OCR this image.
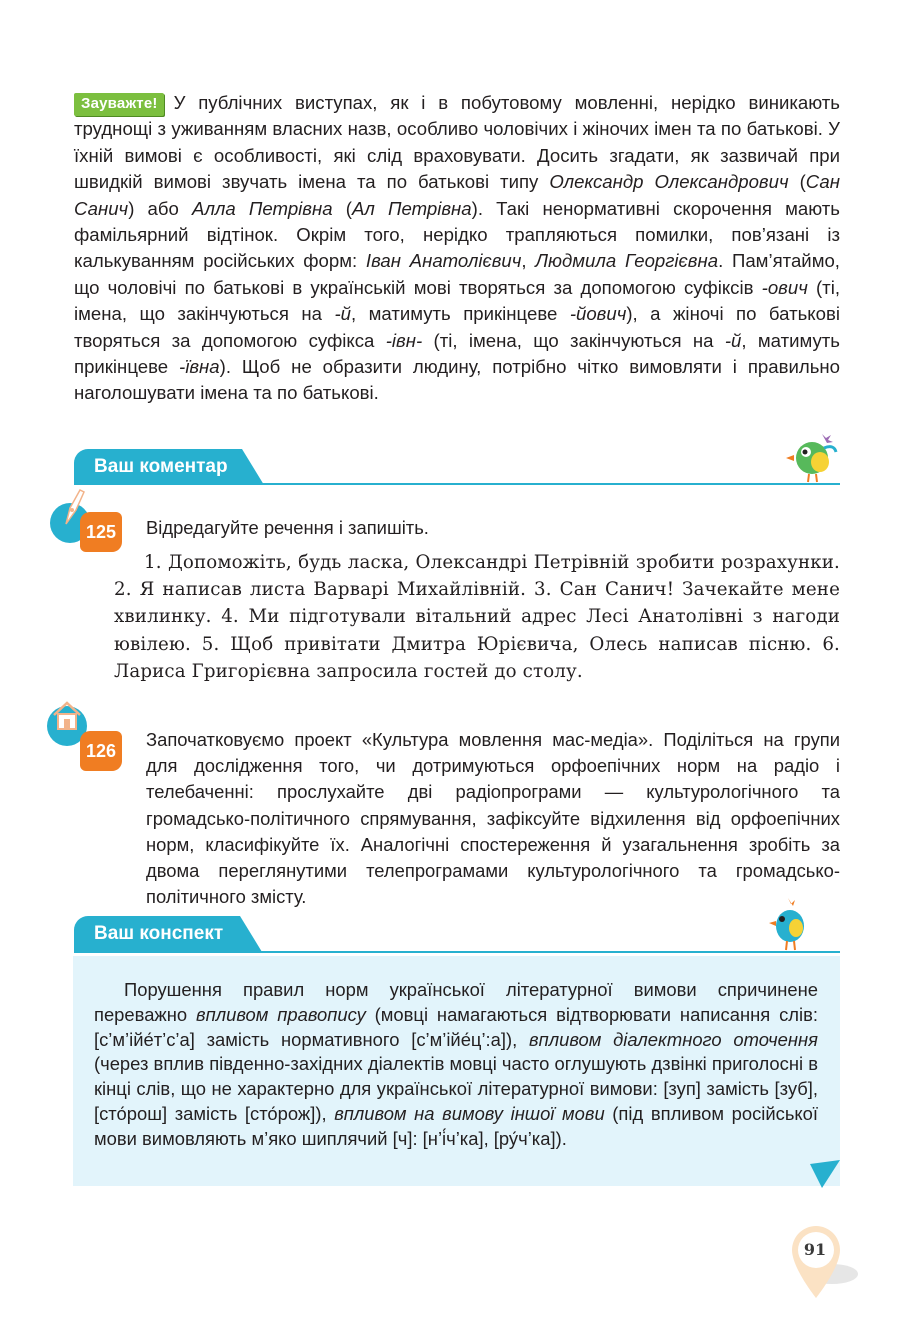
Зауважте! У публічних виступах, як і в побутовому мовленні, нерідко виникають труднощі з уживанням власних назв, особливо чоловічих і жіночих імен та по батькові. У їхній вимові є особливості, які слід враховувати. Досить згадати, як зазвичай при швидкій вимові звучать імена та по батькові типу Олександр Олександрович (Сан Санич) або Алла Петрівна (Ал Петрівна). Такі ненормативні скорочення мають фамільярний відтінок. Окрім того, нерідко трапляються помилки, пов’язані із калькуванням російських форм: Іван Анатолієвич, Людмила Георгієвна. Пам’ятаймо, що чоловічі по батькові в українській мові творяться за допомогою суфіксів -ович (ті, імена, що закінчуються на -й, матимуть прикінцеве -йович), а жіночі по батькові творяться за допомогою суфікса -івн- (ті, імена, що закінчуються на -й, матимуть прикінцеве -ївна). Щоб не образити людину, потрібно чітко вимовляти і правильно наголошувати імена та по батькові.
Ваш коментар
125	Відредагуйте речення і запишіть.
1. Допоможіть, будь ласка, Олександрі Петрівній зробити розрахунки. 2. Я написав листа Варварі Михайлівній. 3. Сан Санич! Зачекайте мене хвилинку. 4. Ми підготували вітальний адрес Лесі Анатолівні з нагоди ювілею. 5. Щоб привітати Дмитра Юрієвича, Олесь написав пісню. 6. Лариса Григорієвна запросила гостей до столу.
126
Започатковуємо проект «Культура мовлення мас-медіа». Поділіться на групи для дослідження того, чи дотримуються орфоепічних норм на радіо і телебаченні: прослухайте дві радіопрограми — культурологічного та громадсько-політичного спрямування, зафіксуйте відхилення від орфоепічних норм, класифікуйте їх. Аналогічні спостереження й узагальнення зробіть за двома переглянутими телепрограмами культурологічного та громадсько-політичного змісту.
Ваш конспект
Порушення правил норм української літературної вимови спричинене переважно впливом правопису (мовці намагаються відтворювати написання слів: [с’м’ійе́т’с’а] замість нормативного [с’м’ійе́ц’:а]), впливом діалектного оточення (через вплив південно-західних діалектів мовці часто оглушують дзвінкі приголосні в кінці слів, що не характерно для української літературної вимови: [зуп] замість [зуб], [сто́рош] замість [сто́рож]), впливом на вимову іншої мови (під впливом російської мови вимовляють м’яко шиплячий [ч]: [н’і́ч’ка], [ру́ч’ка]).
91
